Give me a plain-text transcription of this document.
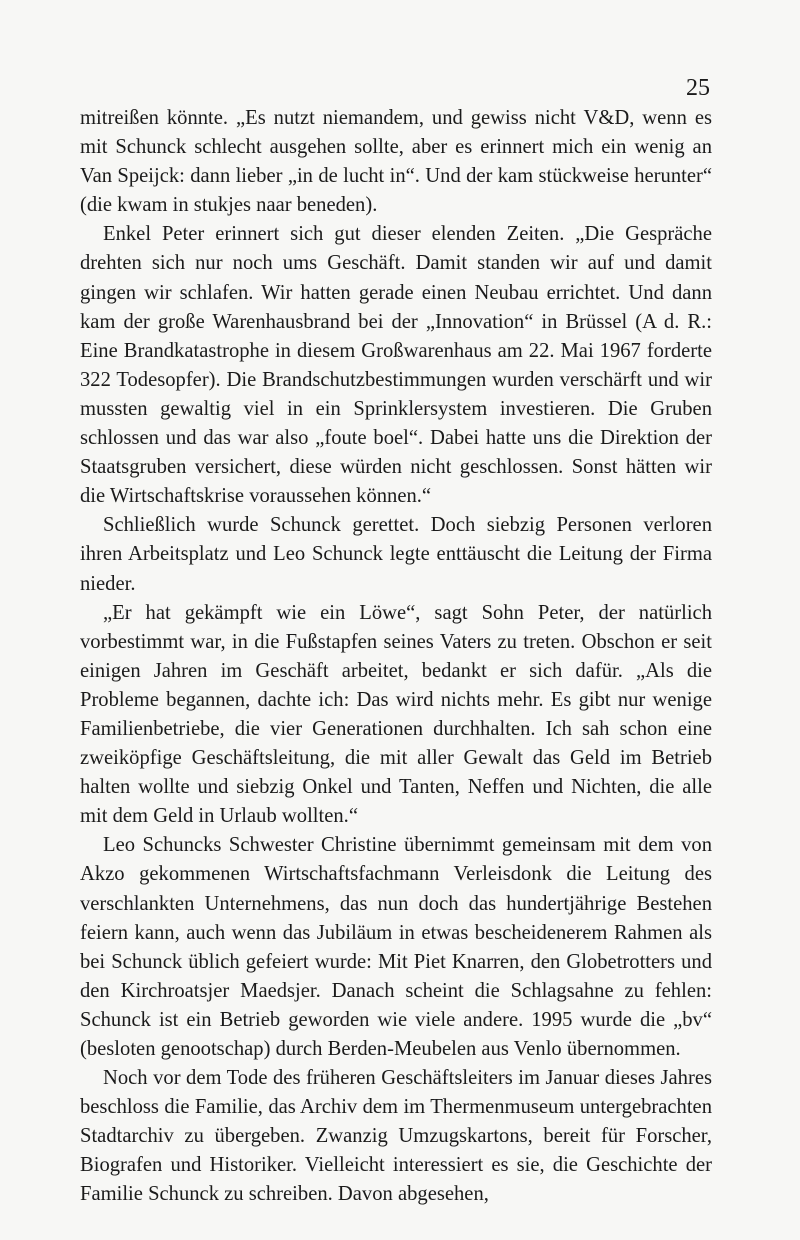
25

mitreißen könnte. „Es nutzt niemandem, und gewiss nicht V&D, wenn es mit Schunck schlecht ausgehen sollte, aber es erinnert mich ein wenig an Van Speijck: dann lieber „in de lucht in“. Und der kam stückweise herunter“ (die kwam in stukjes naar beneden).

Enkel Peter erinnert sich gut dieser elenden Zeiten. „Die Gespräche drehten sich nur noch ums Geschäft. Damit standen wir auf und damit gingen wir schlafen. Wir hatten gerade einen Neubau errichtet. Und dann kam der große Warenhausbrand bei der „Innovation“ in Brüssel (A d. R.: Eine Brandkatastrophe in diesem Großwarenhaus am 22. Mai 1967 forderte 322 Todesopfer). Die Brandschutzbestimmungen wurden verschärft und wir mussten gewaltig viel in ein Sprinklersystem investieren. Die Gruben schlossen und das war also „foute boel“. Dabei hatte uns die Direktion der Staatsgruben versichert, diese würden nicht geschlossen. Sonst hätten wir die Wirtschaftskrise voraussehen können.“

Schließlich wurde Schunck gerettet. Doch siebzig Personen verloren ihren Arbeitsplatz und Leo Schunck legte enttäuscht die Leitung der Firma nieder.

„Er hat gekämpft wie ein Löwe“, sagt Sohn Peter, der natürlich vorbestimmt war, in die Fußstapfen seines Vaters zu treten. Obschon er seit einigen Jahren im Geschäft arbeitet, bedankt er sich dafür. „Als die Probleme begannen, dachte ich: Das wird nichts mehr. Es gibt nur wenige Familienbetriebe, die vier Generationen durchhalten. Ich sah schon eine zweiköpfige Geschäftsleitung, die mit aller Gewalt das Geld im Betrieb halten wollte und siebzig Onkel und Tanten, Neffen und Nichten, die alle mit dem Geld in Urlaub wollten.“

Leo Schuncks Schwester Christine übernimmt gemeinsam mit dem von Akzo gekommenen Wirtschaftsfachmann Verleisdonk die Leitung des verschlankten Unternehmens, das nun doch das hundertjährige Bestehen feiern kann, auch wenn das Jubiläum in etwas bescheidenerem Rahmen als bei Schunck üblich gefeiert wurde: Mit Piet Knarren, den Globetrotters und den Kirchroatsjer Maedsjer. Danach scheint die Schlagsahne zu fehlen: Schunck ist ein Betrieb geworden wie viele andere. 1995 wurde die „bv“ (besloten genootschap) durch Berden-Meubelen aus Venlo übernommen.

Noch vor dem Tode des früheren Geschäftsleiters im Januar dieses Jahres beschloss die Familie, das Archiv dem im Thermenmuseum untergebrachten Stadtarchiv zu übergeben. Zwanzig Umzugskartons, bereit für Forscher, Biografen und Historiker. Vielleicht interessiert es sie, die Geschichte der Familie Schunck zu schreiben. Davon abgesehen,
